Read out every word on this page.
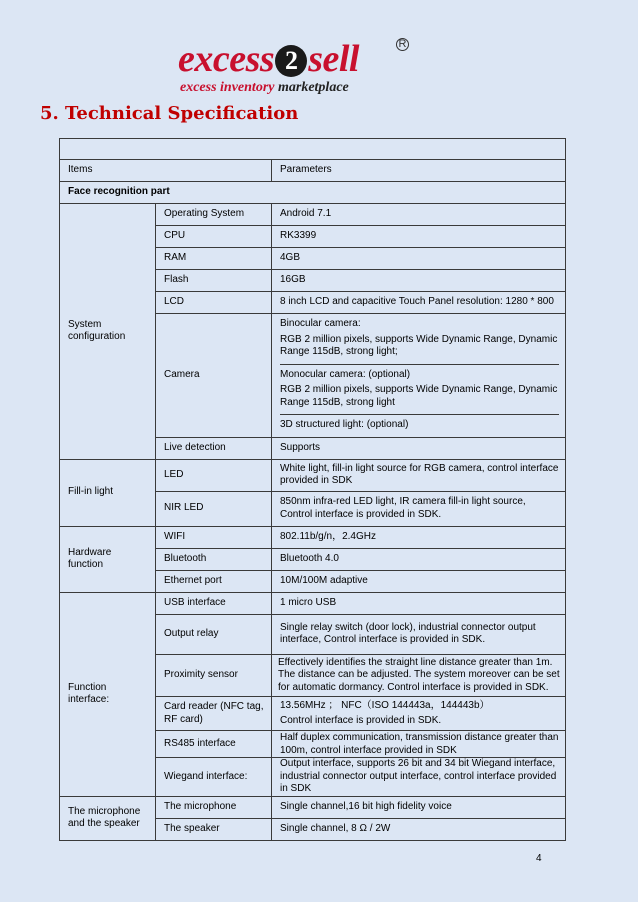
excess 2 sell	R
excess inventory marketplace
5. Technical Specification

Items		Parameters
Face recognition part		
System configuration	Operating System	Android 7.1
	CPU	RK3399
	RAM	4GB
	Flash	16GB
	LCD	8 inch LCD and capacitive Touch Panel resolution: 1280 * 800
	Camera	Binocular camera:
RGB 2 million pixels, supports Wide Dynamic Range, Dynamic Range 115dB, strong light;
Monocular camera: (optional)
RGB 2 million pixels, supports Wide Dynamic Range, Dynamic Range 115dB, strong light
3D structured light: (optional)

	Live detection	Supports
Fill-in light	LED	White light, fill-in light source for RGB camera, control interface provided in SDK
	NIR LED	850nm infra-red LED light, IR camera fill-in light source, Control interface is provided in SDK.
Hardware function	WIFI	802.11b/g/n，2.4GHz
	Bluetooth	Bluetooth 4.0
	Ethernet port	10M/100M adaptive
Function interface:	USB interface	1 micro USB
	Output relay	Single relay switch (door lock), industrial connector output interface, Control interface is provided in SDK.
	Proximity sensor	Effectively identifies the straight line distance greater than 1m. The distance can be adjusted. The system moreover can be set for automatic dormancy. Control interface is provided in SDK.
	Card reader (NFC tag, RF card)	13.56MHz ； NFC（ISO 144443a，144443b）
Control interface is provided in SDK.

	RS485 interface	Half duplex communication, transmission distance greater than 100m, control interface provided in SDK
	Wiegand interface:	Output interface, supports 26 bit and 34 bit Wiegand interface, industrial connector output interface, control interface provided in SDK
The microphone and the speaker	The microphone	Single channel,16 bit high fidelity voice
	The speaker	Single channel, 8 Ω / 2W
4
